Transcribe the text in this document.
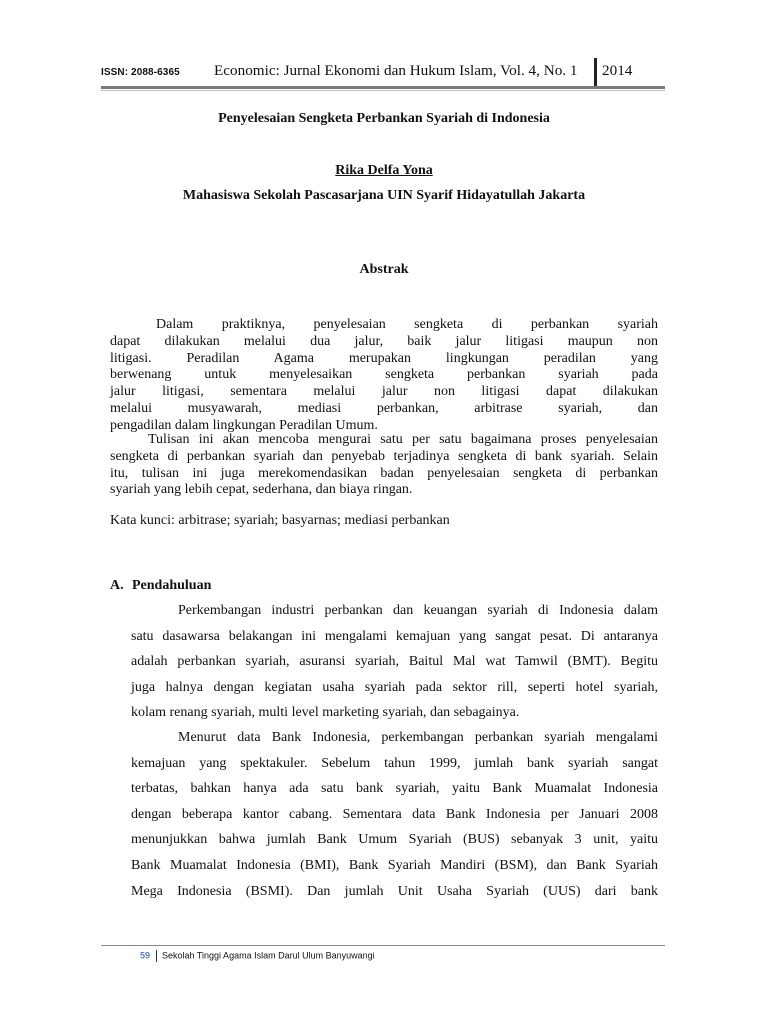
ISSN: 2088-6365 Economic: Jurnal Ekonomi dan Hukum Islam, Vol. 4, No. 1 2014
Penyelesaian Sengketa Perbankan Syariah di Indonesia
Rika Delfa Yona
Mahasiswa Sekolah Pascasarjana UIN Syarif Hidayatullah Jakarta
Abstrak

Dalam praktiknya, penyelesaian sengketa di perbankan syariah

dapat dilakukan melalui dua jalur, baik jalur litigasi maupun non

litigasi. Peradilan Agama merupakan lingkungan peradilan yang

berwenang untuk menyelesaikan sengketa perbankan syariah pada

jalur litigasi, sementara melalui jalur non litigasi dapat dilakukan

melalui musyawarah, mediasi perbankan, arbitrase syariah, dan

pengadilan dalam lingkungan Peradilan Umum.

Tulisan ini akan mencoba mengurai satu per satu bagaimana proses penyelesaian

sengketa di perbankan syariah dan penyebab terjadinya sengketa di bank syariah. Selain

itu, tulisan ini juga merekomendasikan badan penyelesaian sengketa di perbankan

syariah yang lebih cepat, sederhana, dan biaya ringan.

Kata kunci: arbitrase; syariah; basyarnas; mediasi perbankan
A. Pendahuluan

Perkembangan industri perbankan dan keuangan syariah di Indonesia dalam

satu dasawarsa belakangan ini mengalami kemajuan yang sangat pesat. Di antaranya

adalah perbankan syariah, asuransi syariah, Baitul Mal wat Tamwil (BMT). Begitu

juga halnya dengan kegiatan usaha syariah pada sektor rill, seperti hotel syariah,

kolam renang syariah, multi level marketing syariah, dan sebagainya.

Menurut data Bank Indonesia, perkembangan perbankan syariah mengalami

kemajuan yang spektakuler. Sebelum tahun 1999, jumlah bank syariah sangat

terbatas, bahkan hanya ada satu bank syariah, yaitu Bank Muamalat Indonesia

dengan beberapa kantor cabang. Sementara data Bank Indonesia per Januari 2008

menunjukkan bahwa jumlah Bank Umum Syariah (BUS) sebanyak 3 unit, yaitu

Bank Muamalat Indonesia (BMI), Bank Syariah Mandiri (BSM), dan Bank Syariah

Mega Indonesia (BSMI). Dan jumlah Unit Usaha Syariah (UUS) dari bank

59 Sekolah Tinggi Agama Islam Darul Ulum Banyuwangi
